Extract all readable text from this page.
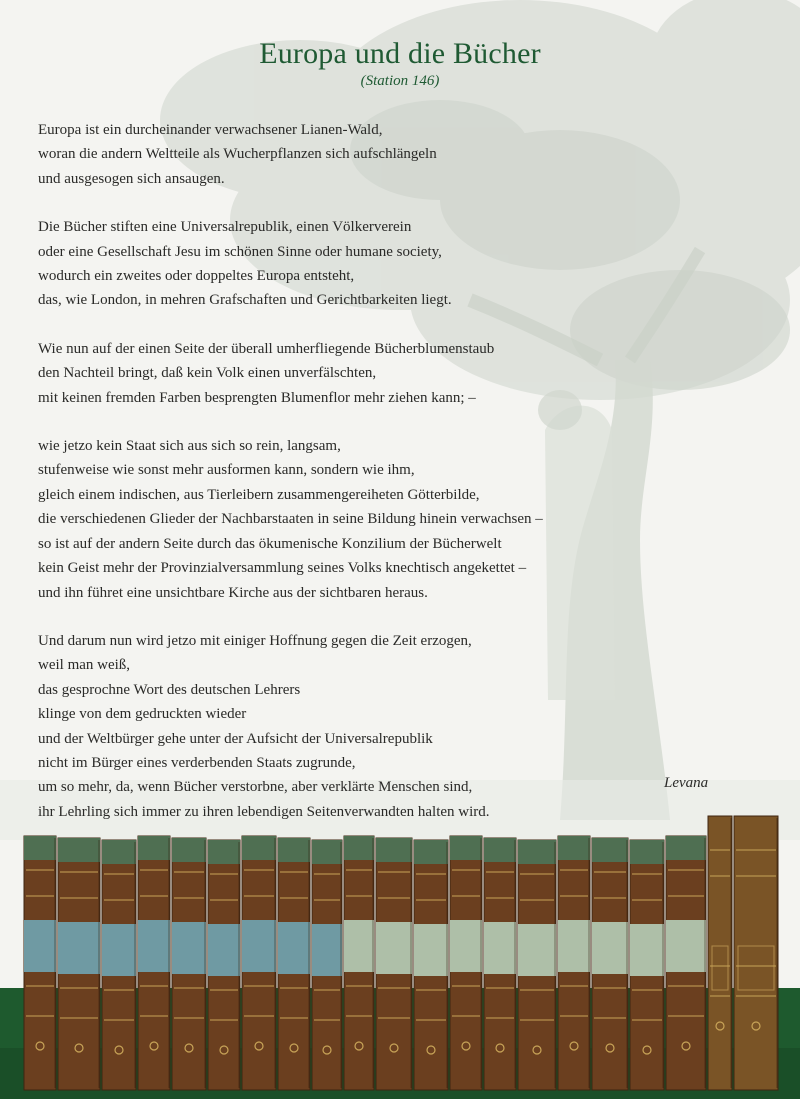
Europa und die Bücher
(Station 146)
Europa ist ein durcheinander verwachsener Lianen-Wald,
woran die andern Weltteile als Wucherpflanzen sich aufschlängeln
und ausgesogen sich ansaugen.
Die Bücher stiften eine Universalrepublik, einen Völkerverein
oder eine Gesellschaft Jesu im schönen Sinne oder humane society,
wodurch ein zweites oder doppeltes Europa entsteht,
das, wie London, in mehren Grafschaften und Gerichtbarkeiten liegt.
Wie nun auf der einen Seite der überall umherfliegende Bücherblumenstaub
den Nachteil bringt, daß kein Volk einen unverfälschten,
mit keinen fremden Farben besprengten Blumenflor mehr ziehen kann; –
wie jetzo kein Staat sich aus sich so rein, langsam,
stufenweise wie sonst mehr ausformen kann, sondern wie ihm,
gleich einem indischen, aus Tierleibern zusammengereiheten Götterbilde,
die verschiedenen Glieder der Nachbarstaaten in seine Bildung hinein verwachsen –
so ist auf der andern Seite durch das ökumenische Konzilium der Bücherwelt
kein Geist mehr der Provinzialversammlung seines Volks knechtisch angekettet –
und ihn führet eine unsichtbare Kirche aus der sichtbaren heraus.
Und darum nun wird jetzo mit einiger Hoffnung gegen die Zeit erzogen,
weil man weiß,
das gesprochne Wort des deutschen Lehrers
klinge von dem gedruckten wieder
und der Weltbürger gehe unter der Aufsicht der Universalrepublik
nicht im Bürger eines verderbenden Staats zugrunde,
um so mehr, da, wenn Bücher verstorbne, aber verklärte Menschen sind,
ihr Lehrling sich immer zu ihren lebendigen Seitenverwandten halten wird.
Levana
